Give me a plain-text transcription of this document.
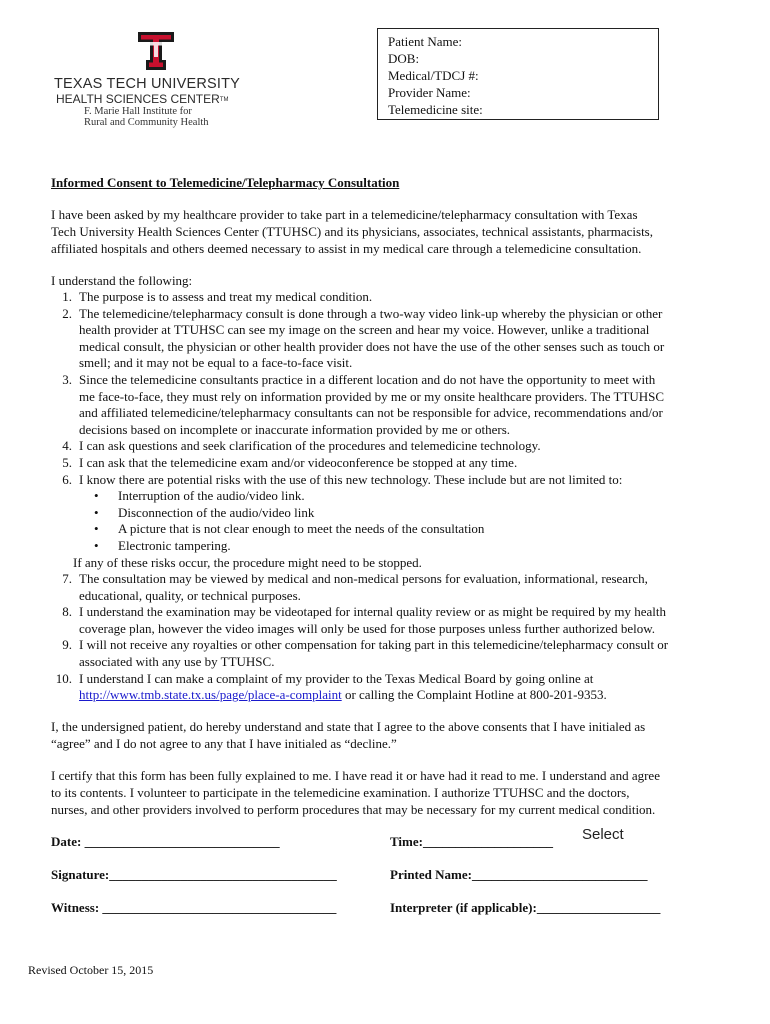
TEXAS TECH UNIVERSITY
HEALTH SCIENCES CENTERTM
F. Marie Hall Institute for
Rural and Community Health
Patient Name:
DOB:
Medical/TDCJ #:
Provider Name:
Telemedicine site:
Informed Consent to Telemedicine/Telepharmacy Consultation

I have been asked by my healthcare provider to take part in a telemedicine/telepharmacy consultation with Texas

Tech University Health Sciences Center (TTUHSC) and its physicians, associates, technical assistants, pharmacists,

affiliated hospitals and others deemed necessary to assist in my medical care through a telemedicine consultation.

I understand the following:

1. The purpose is to assess and treat my medical condition.
2. The telemedicine/telepharmacy consult is done through a two-way video link-up whereby the physician or other
health provider at TTUHSC can see my image on the screen and hear my voice. However, unlike a traditional
medical consult, the physician or other health provider does not have the use of the other senses such as touch or
smell; and it may not be equal to a face-to-face visit.
3. Since the telemedicine consultants practice in a different location and do not have the opportunity to meet with
me face-to-face, they must rely on information provided by me or my onsite healthcare providers. The TTUHSC
and affiliated telemedicine/telepharmacy consultants can not be responsible for advice, recommendations and/or
decisions based on incomplete or inaccurate information provided by me or others.
4. I can ask questions and seek clarification of the procedures and telemedicine technology.
5. I can ask that the telemedicine exam and/or videoconference be stopped at any time.
6. I know there are potential risks with the use of this new technology. These include but are not limited to:
•	Interruption of the audio/video link.
•	Disconnection of the audio/video link
•	A picture that is not clear enough to meet the needs of the consultation
•	Electronic tampering.
If any of these risks occur, the procedure might need to be stopped.
7. The consultation may be viewed by medical and non-medical persons for evaluation, informational, research,
educational, quality, or technical purposes.
8. I understand the examination may be videotaped for internal quality review or as might be required by my health
coverage plan, however the video images will only be used for those purposes unless further authorized below.
9. I will not receive any royalties or other compensation for taking part in this telemedicine/telepharmacy consult or
associated with any use by TTUHSC.
10. I understand I can make a complaint of my provider to the Texas Medical Board by going online at
http://www.tmb.state.tx.us/page/place-a-complaint or calling the Complaint Hotline at 800-201-9353.

I, the undersigned patient, do hereby understand and state that I agree to the above consents that I have initialed as

“agree” and I do not agree to any that I have initialed as “decline.”

I certify that this form has been fully explained to me. I have read it or have had it read to me. I understand and agree

to its contents. I volunteer to participate in the telemedicine examination. I authorize TTUHSC and the doctors,

nurses, and other providers involved to perform procedures that may be necessary for my current medical condition.

Date: ______________________________	Time:____________________ Select
Signature:___________________________________	Printed Name:___________________________
Witness: ____________________________________	Interpreter (if applicable):___________________
Revised October 15, 2015
